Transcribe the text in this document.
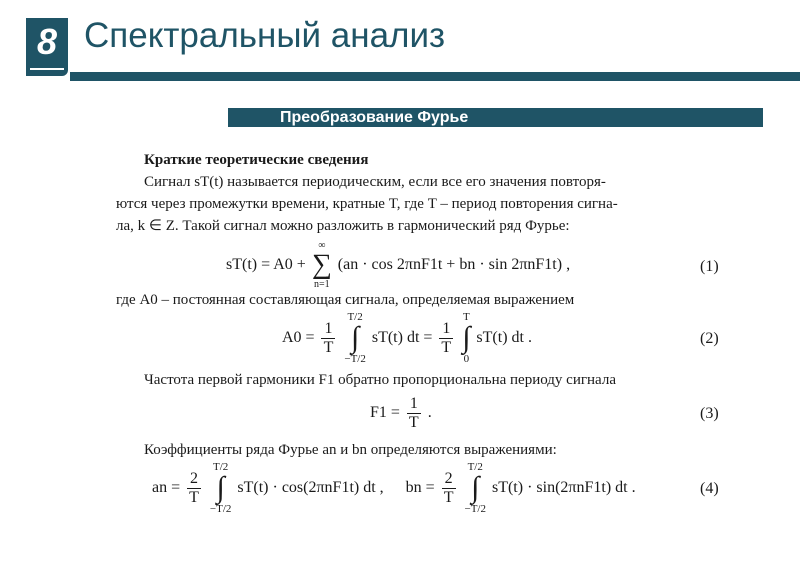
8 Спектральный анализ
Преобразование Фурье
Краткие теоретические сведения
Сигнал sT(t) называется периодическим, если все его значения повторя-
ются через промежутки времени, кратные T, где T – период повторения сигна-
ла, k ∈ Z. Такой сигнал можно разложить в гармонический ряд Фурье:
sT(t) = A0 +
∞
∑
n=1
(an · cos 2πnF1t + bn · sin 2πnF1t) ,	(1)
где A0 – постоянная составляющая сигнала, определяемая выражением
$A0 = \frac{1}{T}$
T/2
∫
−T/2
sT(t) dt = $\frac{1}{T}$
T
∫
0
sT(t) dt .	(2)
Частота первой гармоники F1 обратно пропорциональна периоду сигнала
$F1 = \frac{1}{T}$ .	(3)
Коэффициенты ряда Фурье an и bn определяются выражениями:
an = $\frac{2}{T}$
T/2
∫
−T/2
sT(t) · cos(2πnF1t) dt , bn = $\frac{2}{T}$
T/2
∫
−T/2
sT(t) · sin(2πnF1t) dt .	(4)
